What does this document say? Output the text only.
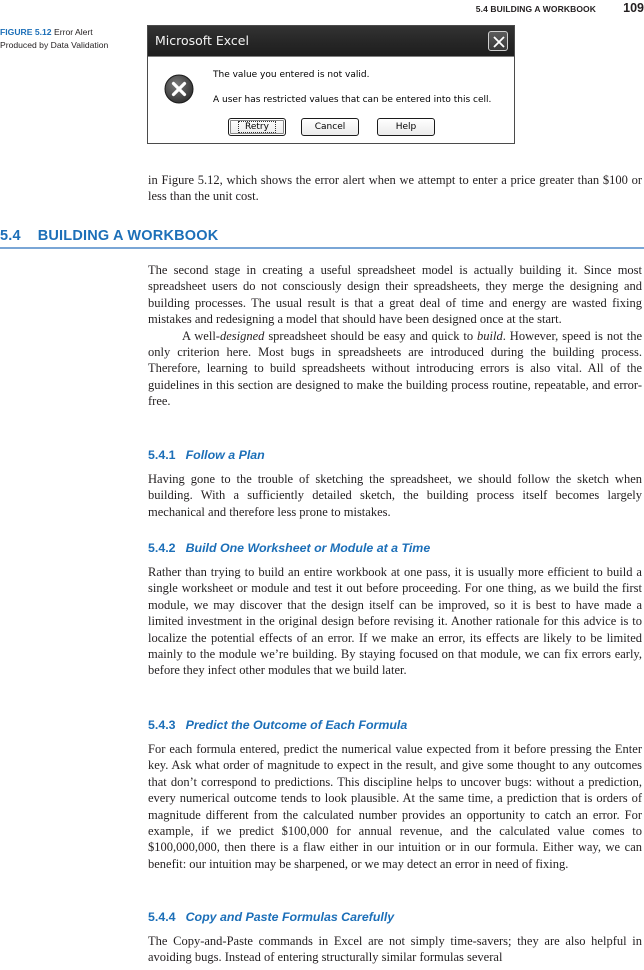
5.4 BUILDING A WORKBOOK 109
FIGURE 5.12 Error Alert
Produced by Data Validation	Microsoft Excel
The value you entered is not valid.
A user has restricted values that can be entered into this cell.
Retry	Cancel	Help

in Figure 5.12, which shows the error alert when we attempt to enter a price greater than $100 or less than the unit cost.

5.4 BUILDING A WORKBOOK

The second stage in creating a useful spreadsheet model is actually building it. Since most spreadsheet users do not consciously design their spreadsheets, they merge the designing and building processes. The usual result is that a great deal of time and energy are wasted fixing mistakes and redesigning a model that should have been designed once at the start.

A well-designed spreadsheet should be easy and quick to build. However, speed is not the only criterion here. Most bugs in spreadsheets are introduced during the building process. Therefore, learning to build spreadsheets without introducing errors is also vital. All of the guidelines in this section are designed to make the building process routine, repeatable, and error-free.

5.4.1 Follow a Plan

Having gone to the trouble of sketching the spreadsheet, we should follow the sketch when building. With a sufficiently detailed sketch, the building process itself becomes largely mechanical and therefore less prone to mistakes.

5.4.2 Build One Worksheet or Module at a Time

Rather than trying to build an entire workbook at one pass, it is usually more efficient to build a single worksheet or module and test it out before proceeding. For one thing, as we build the first module, we may discover that the design itself can be improved, so it is best to have made a limited investment in the original design before revising it. Another rationale for this advice is to localize the potential effects of an error. If we make an error, its effects are likely to be limited mainly to the module we’re building. By staying focused on that module, we can fix errors early, before they infect other modules that we build later.

5.4.3 Predict the Outcome of Each Formula

For each formula entered, predict the numerical value expected from it before pressing the Enter key. Ask what order of magnitude to expect in the result, and give some thought to any outcomes that don’t correspond to predictions. This discipline helps to uncover bugs: without a prediction, every numerical outcome tends to look plausible. At the same time, a prediction that is orders of magnitude different from the calculated number provides an opportunity to catch an error. For example, if we predict $100,000 for annual revenue, and the calculated value comes to $100,000,000, then there is a flaw either in our intuition or in our formula. Either way, we can benefit: our intuition may be sharpened, or we may detect an error in need of fixing.

5.4.4 Copy and Paste Formulas Carefully

The Copy-and-Paste commands in Excel are not simply time-savers; they are also helpful in avoiding bugs. Instead of entering structurally similar formulas several
